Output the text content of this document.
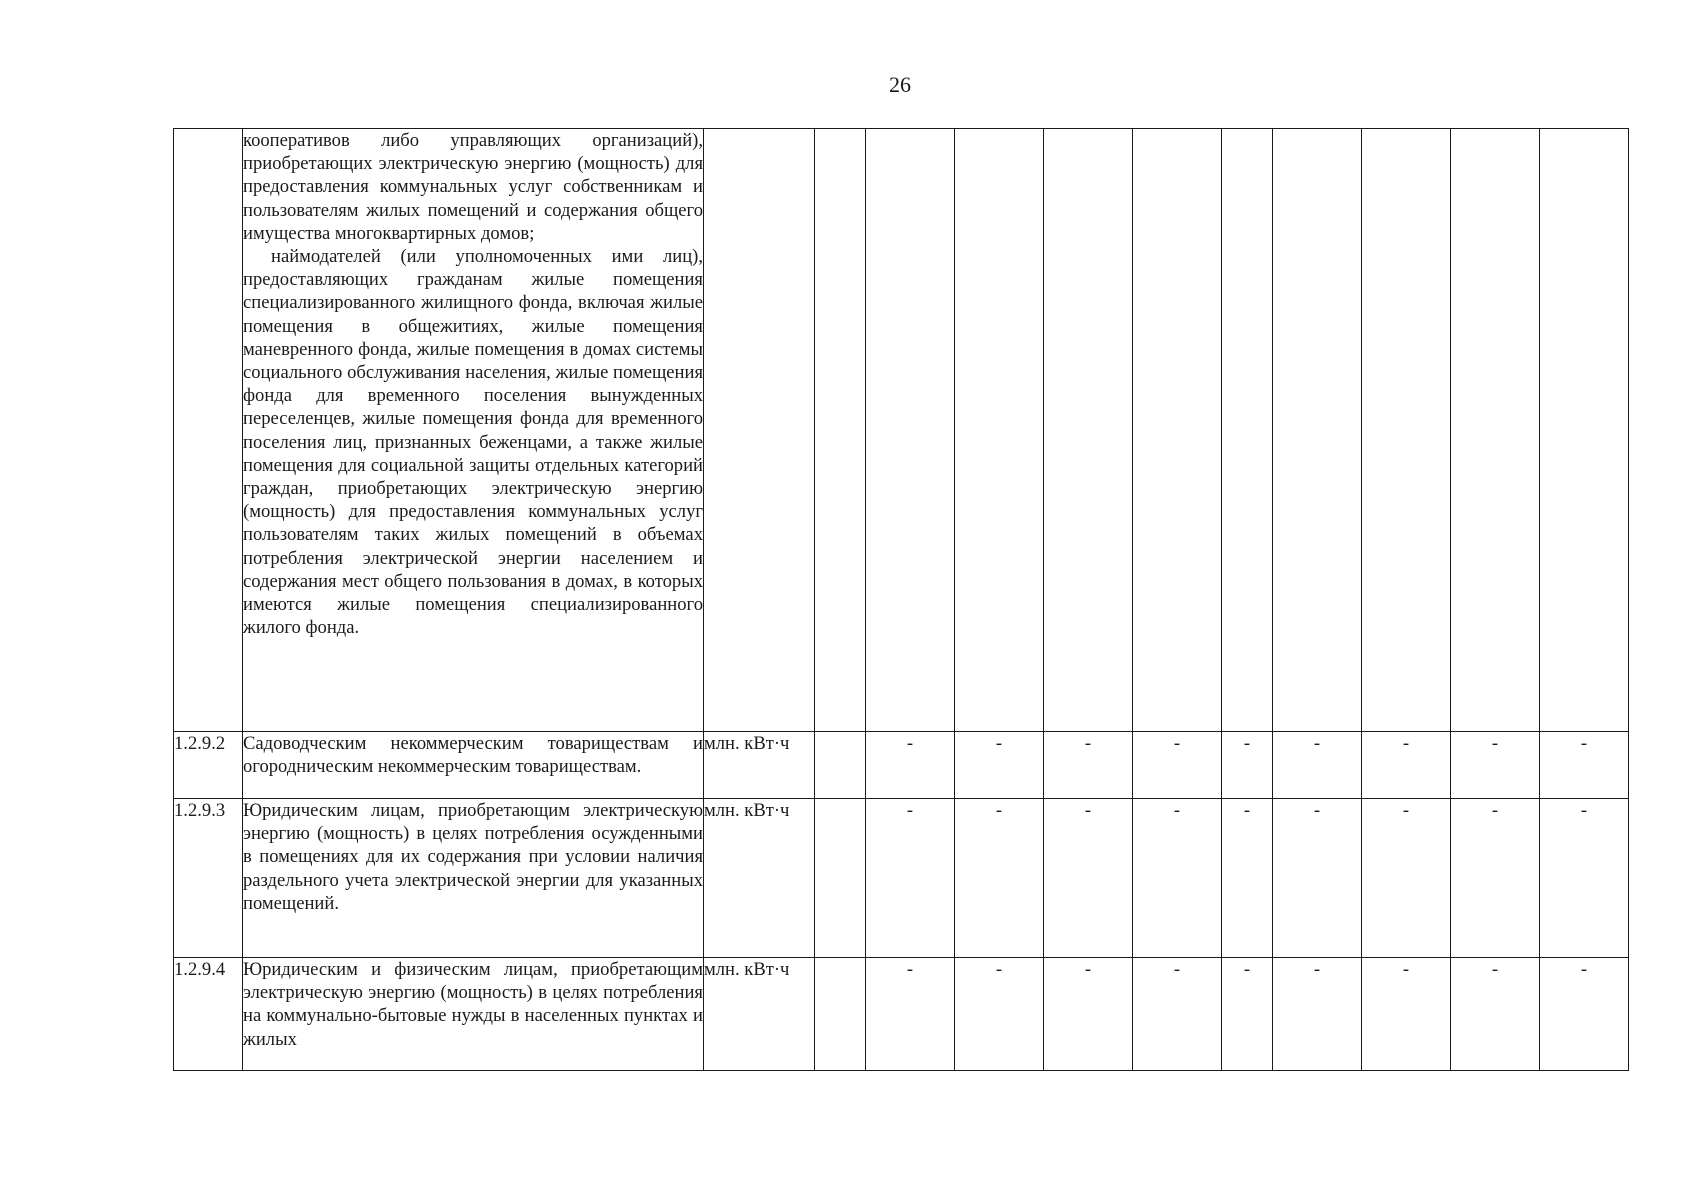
26

	кооперативов либо управляющих организаций), приобретающих электрическую энергию (мощность) для предоставления коммунальных услуг собственникам и пользователям жилых помещений и содержания общего имущества многоквартирных домов;

наймодателей (или уполномоченных ими лиц), предоставляющих гражданам жилые помещения специализированного жилищного фонда, включая жилые помещения в общежитиях, жилые помещения маневренного фонда, жилые помещения в домах системы социального обслуживания населения, жилые помещения фонда для временного поселения вынужденных переселенцев, жилые помещения фонда для временного поселения лиц, признанных беженцами, а также жилые помещения для социальной защиты отдельных категорий граждан, приобретающих электрическую энергию (мощность) для предоставления коммунальных услуг пользователям таких жилых помещений в объемах потребления электрической энергии населением и содержания мест общего пользования в домах, в которых имеются жилые помещения специализированного жилого фонда.											

1.2.9.2	Садоводческим некоммерческим товариществам и огородническим некоммерческим товариществам.	млн. кВт·ч		-	-	-	-	-	-	-	-	-
1.2.9.3	Юридическим лицам, приобретающим электрическую энергию (мощность) в целях потребления осужденными в помещениях для их содержания при условии наличия раздельного учета электрической энергии для указанных помещений.	млн. кВт·ч		-	-	-	-	-	-	-	-	-
1.2.9.4	Юридическим и физическим лицам, приобретающим электрическую энергию (мощность) в целях потребления на коммунально-бытовые нужды в населенных пунктах и жилых	млн. кВт·ч		-	-	-	-	-	-	-	-	-
